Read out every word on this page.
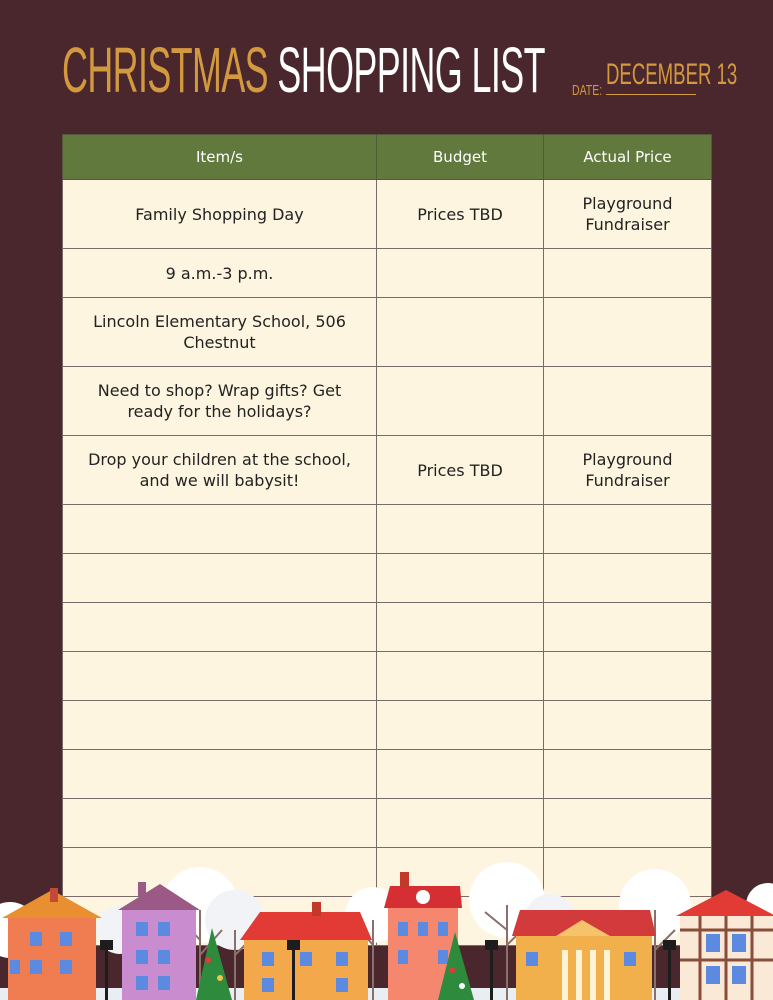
CHRISTMAS SHOPPING LIST DECEMBER 13
DATE:
Item/s	Budget	Actual Price
Family Shopping Day	Prices TBD	Playground Fundraiser
9 a.m.-3 p.m.		
Lincoln Elementary School, 506 Chestnut		
Need to shop? Wrap gifts? Get ready for the holidays?		
Drop your children at the school, and we will babysit!	Prices TBD	Playground Fundraiser
